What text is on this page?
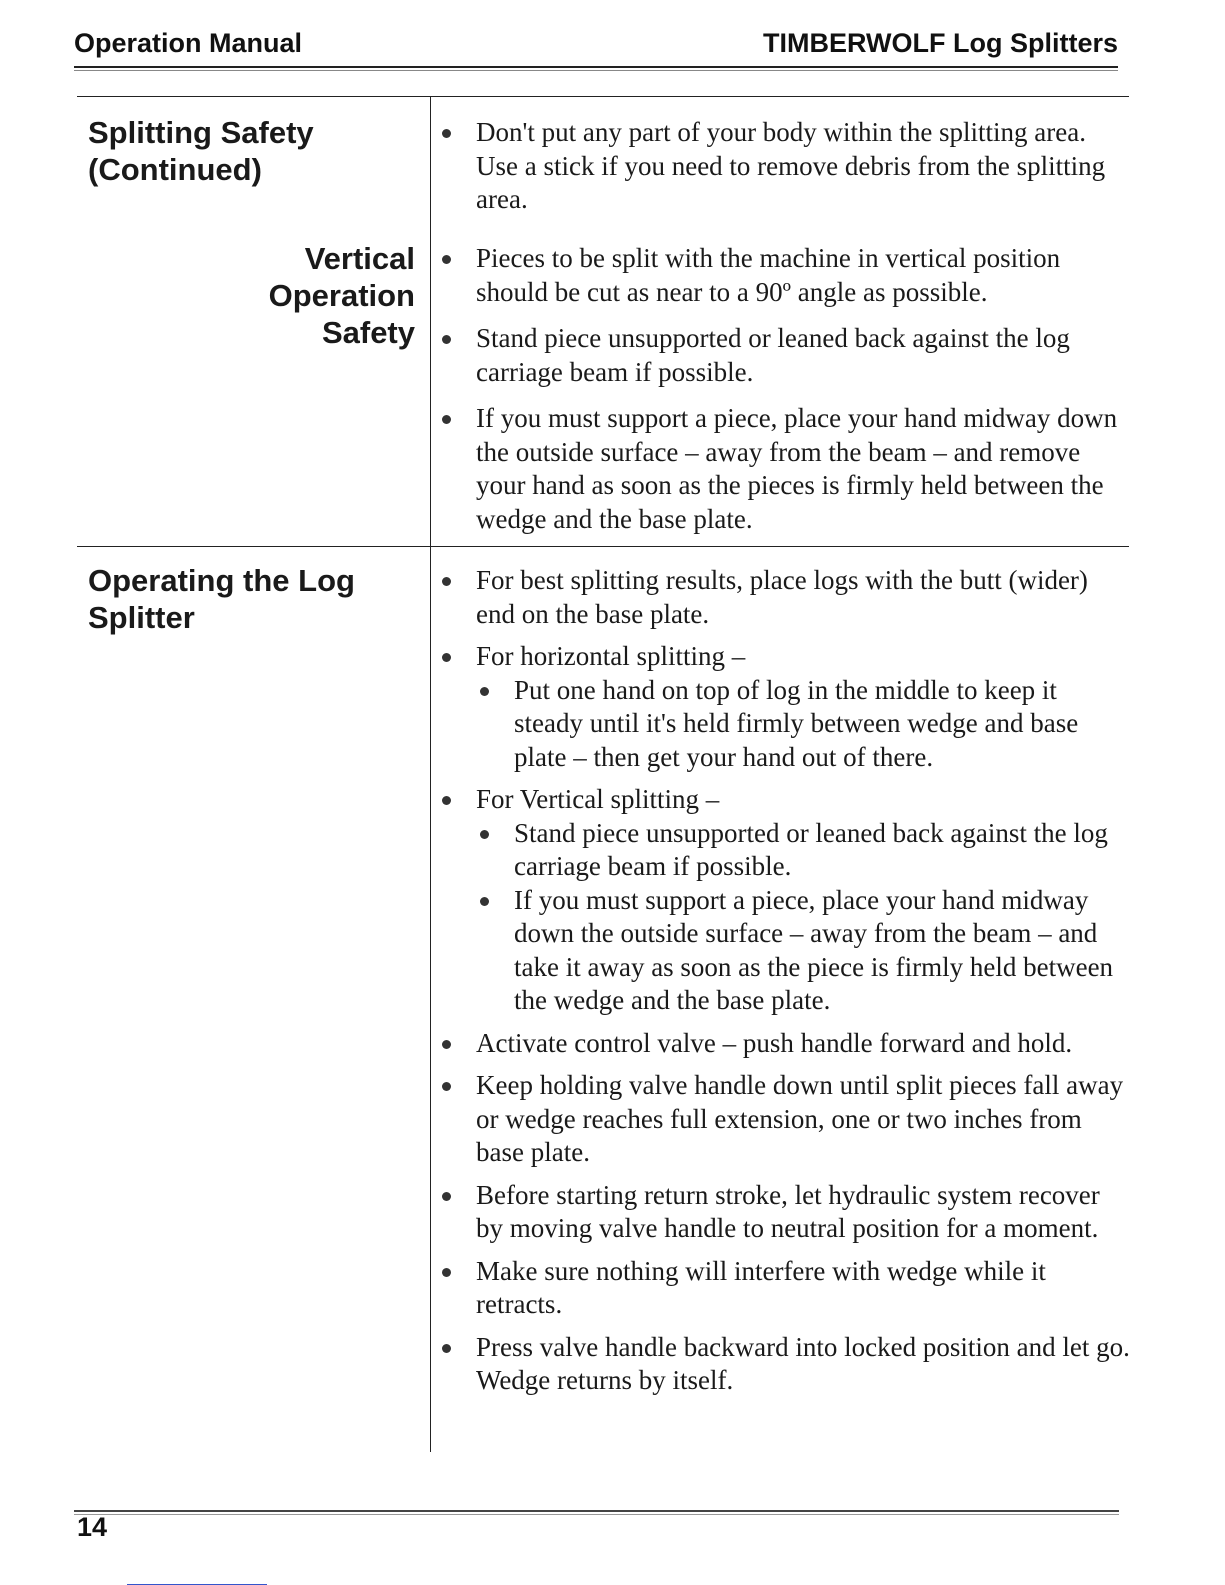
Operation Manual	TIMBERWOLF Log Splitters
Splitting Safety
(Continued)
Don't put any part of your body within the splitting area. Use a stick if you need to remove debris from the splitting area.
Vertical
Operation
Safety
Pieces to be split with the machine in vertical position should be cut as near to a 90º angle as possible.
Stand piece unsupported or leaned back against the log carriage beam if possible.
If you must support a piece, place your hand midway down the outside surface – away from the beam – and remove your hand as soon as the pieces is firmly held between the wedge and the base plate.
Operating the Log
Splitter
For best splitting results, place logs with the butt (wider) end on the base plate.
For horizontal splitting –
Put one hand on top of log in the middle to keep it steady until it's held firmly between wedge and base plate – then get your hand out of there.
For Vertical splitting –
Stand piece unsupported or leaned back against the log carriage beam if possible.
If you must support a piece, place your hand midway down the outside surface – away from the beam – and take it away as soon as the piece is firmly held between the wedge and the base plate.
Activate control valve – push handle forward and hold.
Keep holding valve handle down until split pieces fall away or wedge reaches full extension, one or two inches from base plate.
Before starting return stroke, let hydraulic system recover by moving valve handle to neutral position for a moment.
Make sure nothing will interfere with wedge while it retracts.
Press valve handle backward into locked position and let go. Wedge returns by itself.
14
